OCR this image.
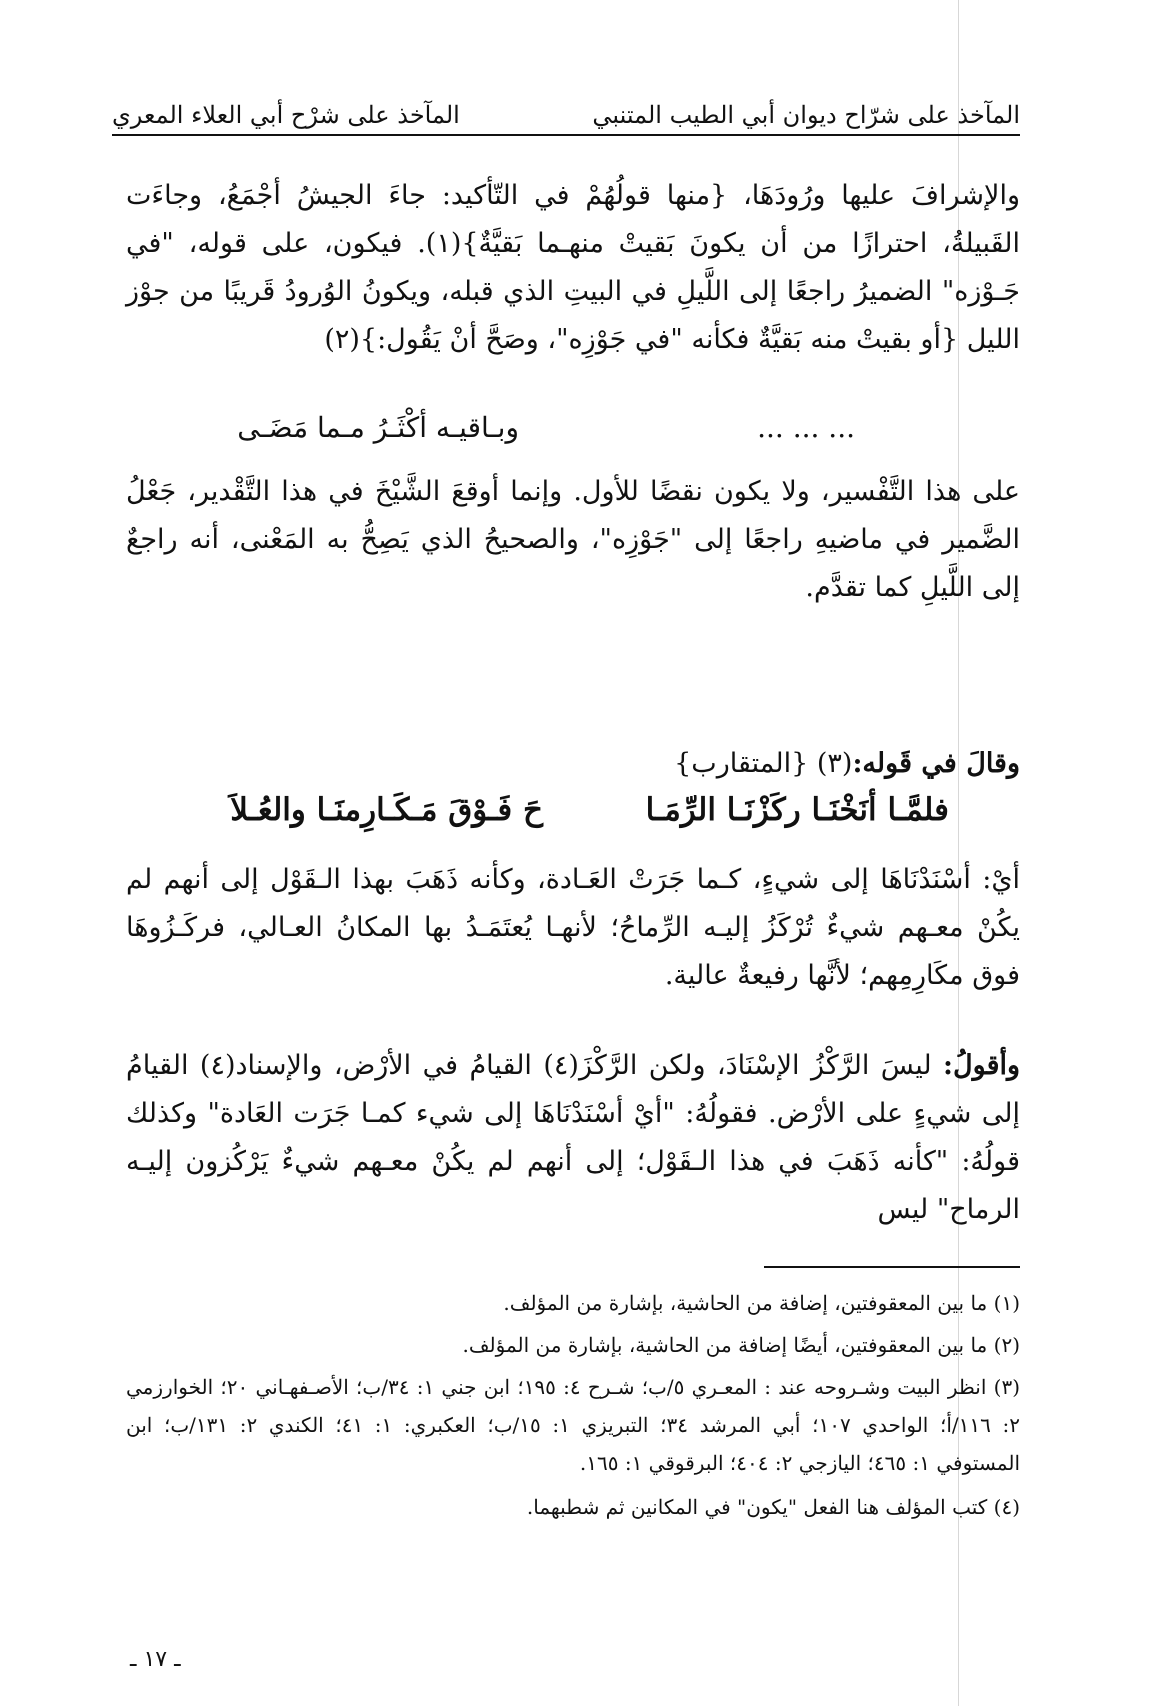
المآخذ على شرّاح ديوان أبي الطيب المتنبي
المآخذ على شرْح أبي العلاء المعري
والإشرافَ عليها ورُودَهَا، {منها قولُهُمْ في التّأكيد: جاءَ الجيشُ أجْمَعُ، وجاءَت القَبيلةُ، احترازًا من أن يكونَ بَقيتْ منهـما بَقيَّةٌ}(١). فيكون، على قوله، "في جَـوْزه" الضميرُ راجعًا إلى اللَّيلِ في البيتِ الذي قبله، ويكونُ الوُرودُ قَريبًا من جوْز الليل {أو بقيتْ منه بَقيَّةٌ فكأنه "في جَوْزِه"، وصَحَّ أنْ يَقُول:}(٢)
... ... ...
وبـاقيـه أكْثَـرُ مـما مَضَـى
على هذا التَّفْسير، ولا يكون نقضًا للأول. وإنما أوقعَ الشَّيْخَ في هذا التَّقْدير، جَعْلُ الضَّمير في ماضيهِ راجعًا إلى "جَوْزِه"، والصحيحُ الذي يَصِحُّ به المَعْنى، أنه راجعٌ إلى اللَّيلِ كما تقدَّم.
وقالَ في قَوله:(٣) {المتقارب}
فلمَّـا أنَخْنَـا ركَزْنَـا الرِّمَـا
حَ فَـوْقَ مَـكَـارِمنَـا والعُـلاَ
أيْ: أسْنَدْنَاهَا إلى شيءٍ، كـما جَرَتْ العَـادة، وكأنه ذَهَبَ بهذا الـقَوْل إلى أنهم لم يكُنْ معـهم شيءٌ تُرْكَزُ إليـه الرِّماحُ؛ لأنهـا يُعتَمَـدُ بها المكانُ العـالي، فركَـزُوهَا فوق مكَارِمِهم؛ لأنَّها رفيعةٌ عالية.
وأقولُ: ليسَ الرَّكْزُ الإسْنَادَ، ولكن الرَّكْزَ(٤) القيامُ في الأرْض، والإسناد(٤) القيامُ إلى شيءٍ على الأرْض. فقولُهُ: "أيْ أسْنَدْنَاهَا إلى شيء كمـا جَرَت العَادة" وكذلك قولُهُ: "كأنه ذَهَبَ في هذا الـقَوْل؛ إلى أنهم لم يكُنْ معـهم شيءٌ يَرْكُزون إليـه الرماح" ليس
(١) ما بين المعقوفتين، إضافة من الحاشية، بإشارة من المؤلف.
(٢) ما بين المعقوفتين، أيضًا إضافة من الحاشية، بإشارة من المؤلف.
(٣) انظر البيت وشـروحه عند : المعـري ٥/ب؛ شـرح ٤: ١٩٥؛ ابن جني ١: ٣٤/ب؛ الأصـفهـاني ٢٠؛ الخوارزمي ٢: ١١٦/أ؛ الواحدي ١٠٧؛ أبي المرشد ٣٤؛ التبريزي ١: ١٥/ب؛ العكبري: ١: ٤١؛ الكندي ٢: ١٣١/ب؛ ابن المستوفي ١: ٤٦٥؛ اليازجي ٢: ٤٠٤؛ البرقوقي ١: ١٦٥.
(٤) كتب المؤلف هنا الفعل "يكون" في المكانين ثم شطبهما.
ـ ١٧ ـ
